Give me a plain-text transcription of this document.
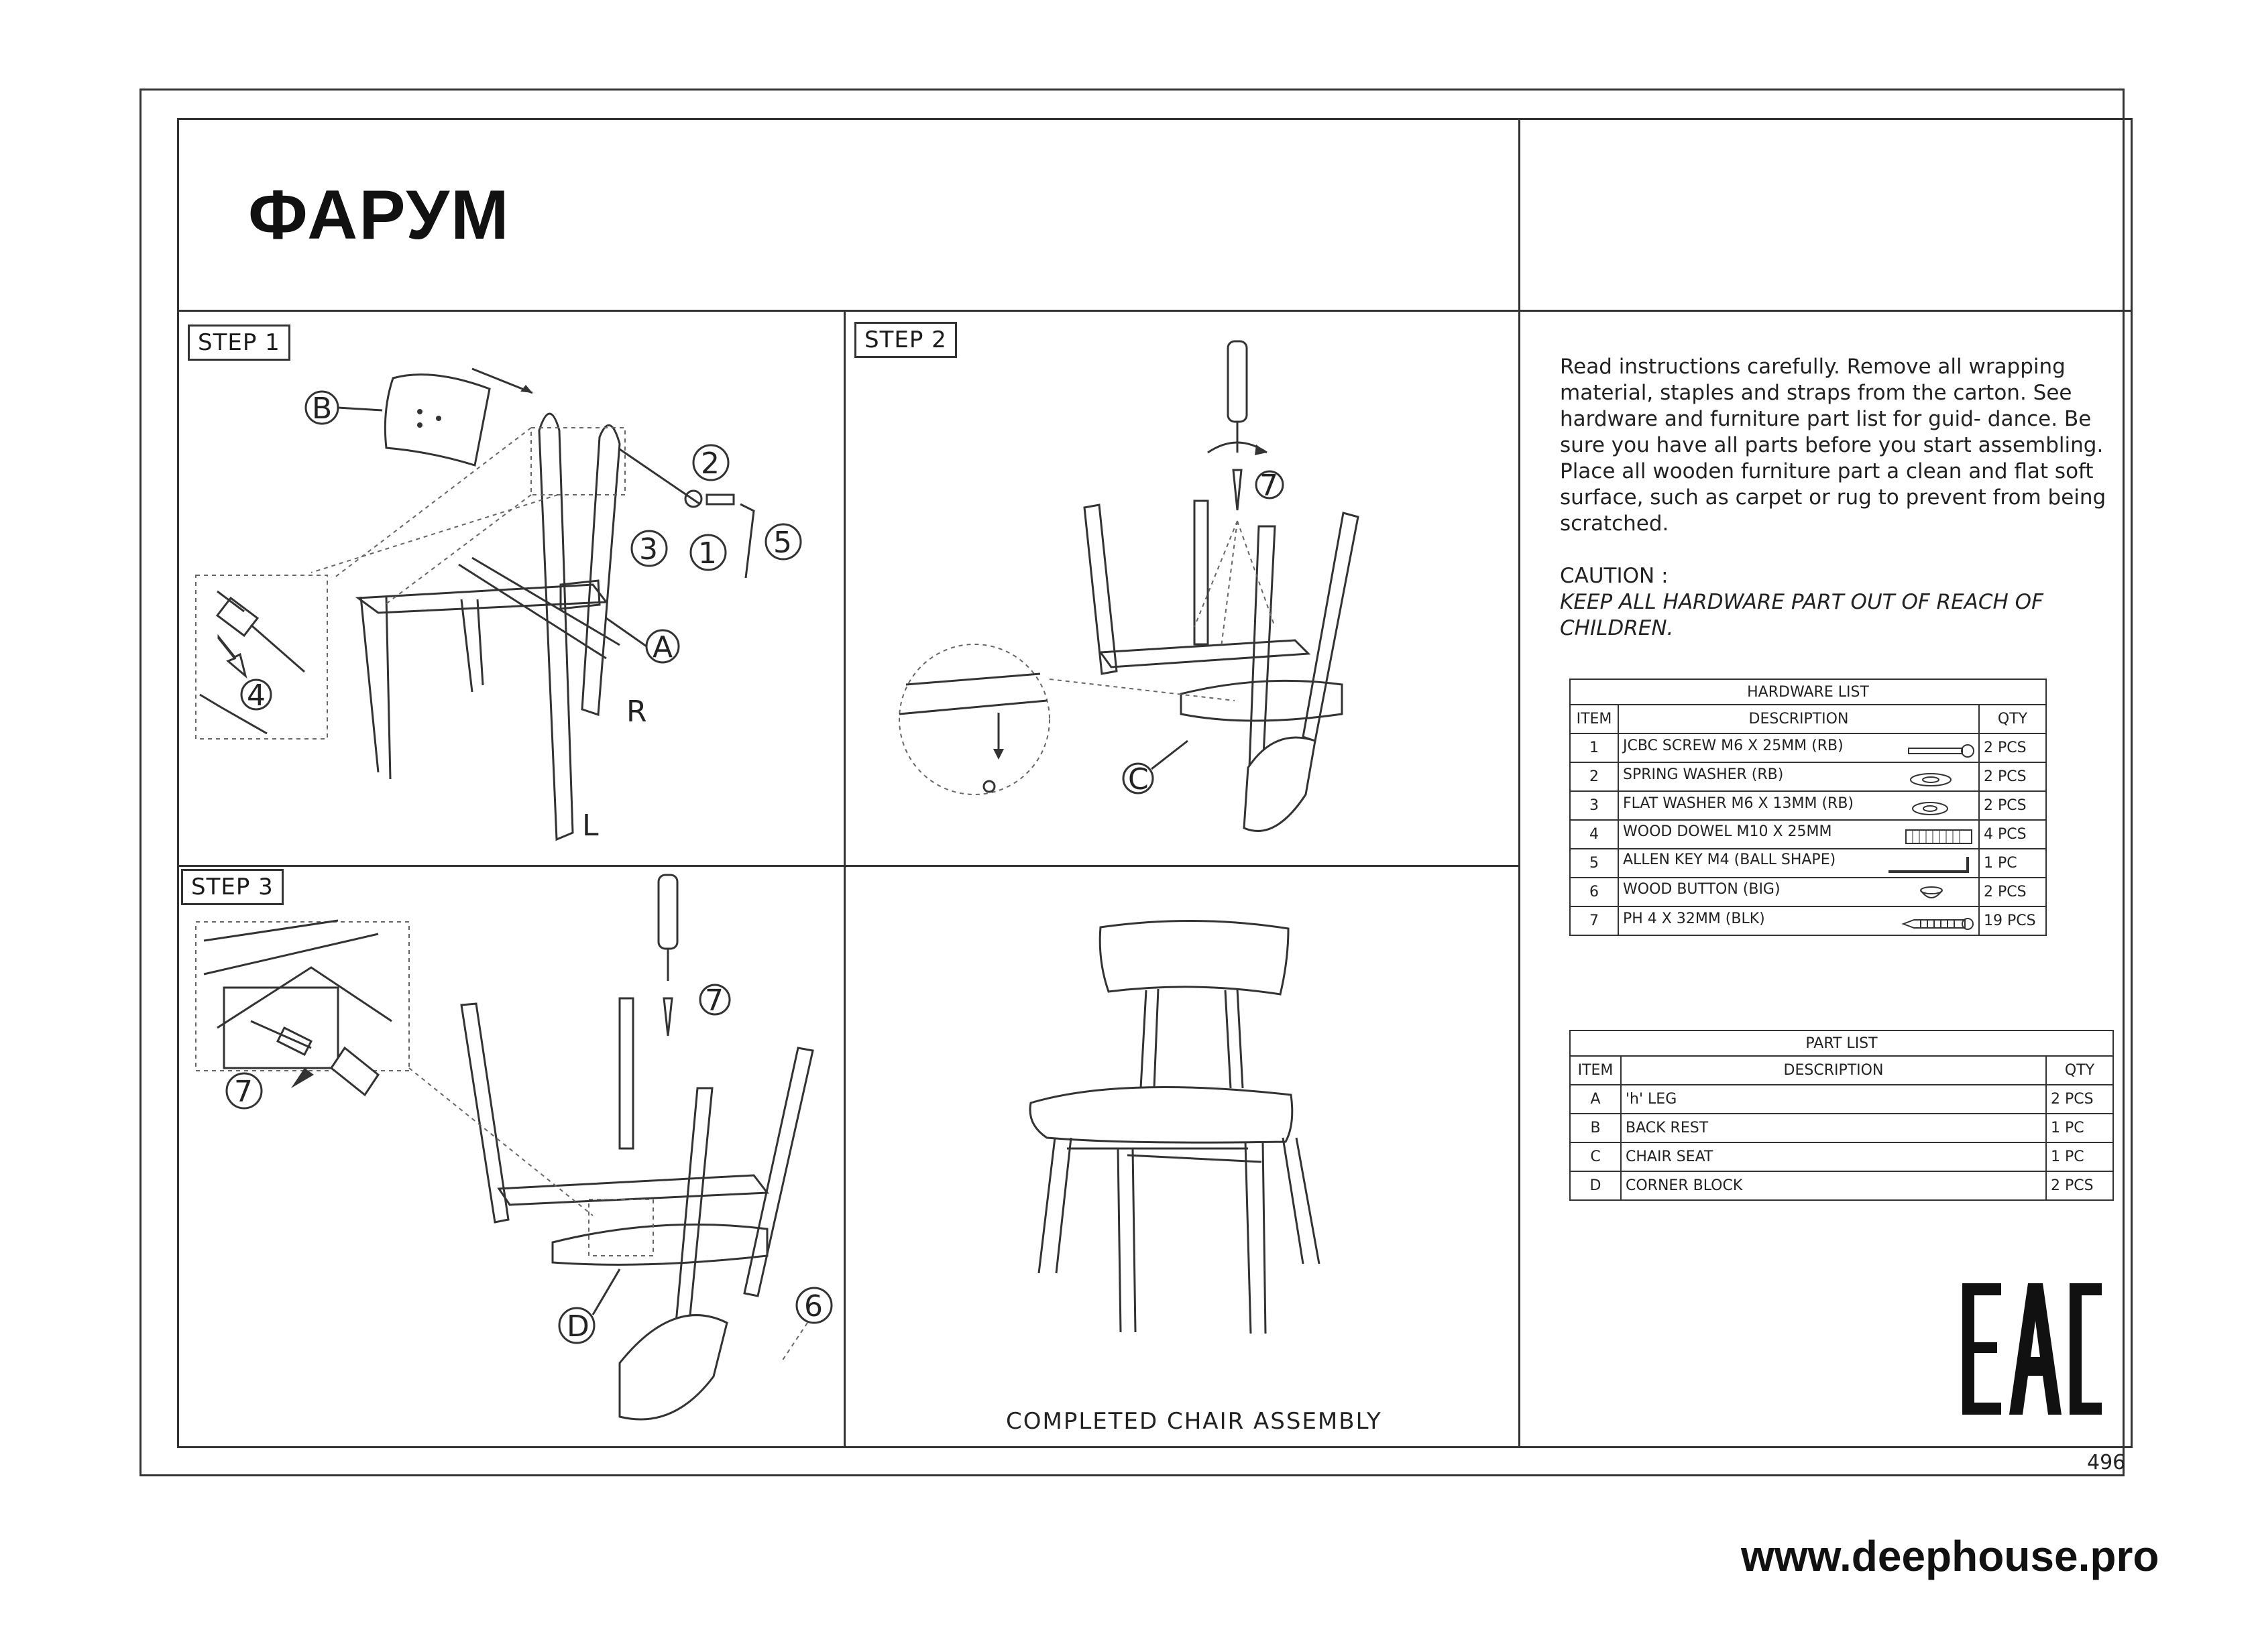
ФАРУМ
STEP 1	STEP 2
STEP 3
B
2
3 1 5
A
R
L
4
7
C
7
7
D
6
COMPLETED CHAIR ASSEMBLY
Read instructions carefully. Remove all wrapping material, staples and straps from the carton. See hardware and furniture part list for guid- dance. Be sure you have all parts before you start assembling. Place all wooden furniture part a clean and flat soft surface, such as carpet or rug to prevent from being scratched.
CAUTION :
KEEP ALL HARDWARE PART OUT OF REACH OF CHILDREN.
HARDWARE LIST		
ITEM	DESCRIPTION	QTY
1	JCBC SCREW M6 X 25MM (RB)	2 PCS
2	SPRING WASHER (RB)	2 PCS
3	FLAT WASHER M6 X 13MM (RB)	2 PCS
4	WOOD DOWEL M10 X 25MM	4 PCS
5	ALLEN KEY M4 (BALL SHAPE)	1 PC
6	WOOD BUTTON (BIG)	2 PCS
7	PH 4 X 32MM (BLK)	19 PCS
PART LIST		
ITEM	DESCRIPTION	QTY
A	'h' LEG	2 PCS
B	BACK REST	1 PC
C	CHAIR SEAT	1 PC
D	CORNER BLOCK	2 PCS
496
www.deephouse.pro
